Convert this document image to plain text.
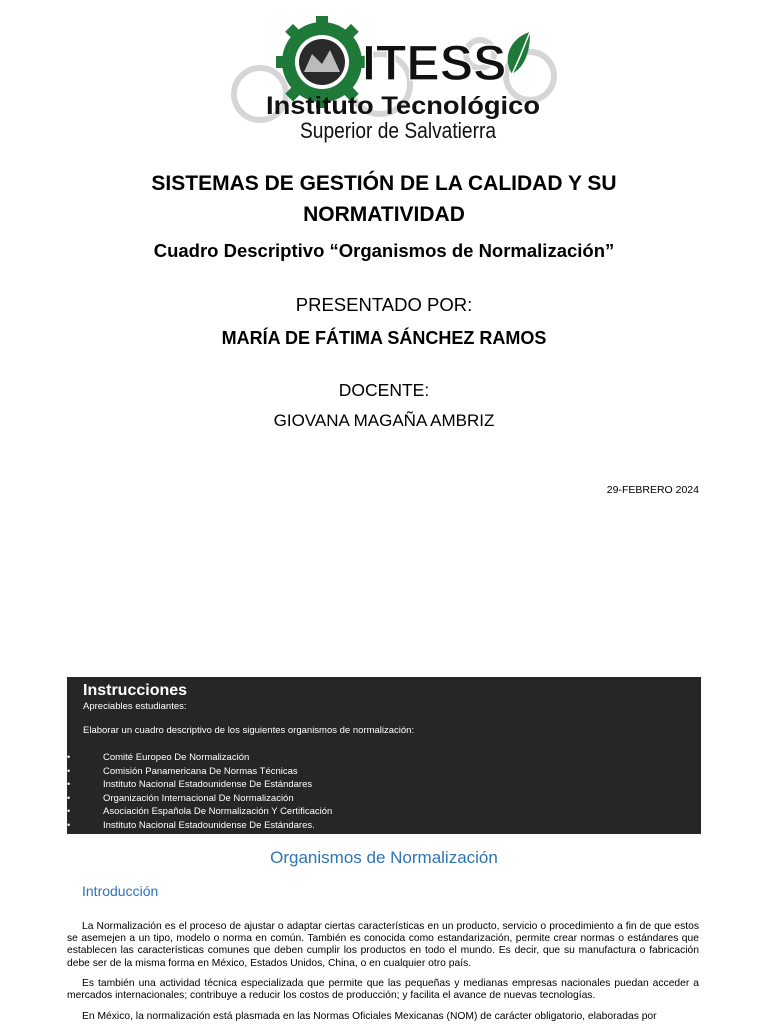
ITESS
Instituto Tecnológico
Superior de Salvatierra
SISTEMAS DE GESTIÓN DE LA CALIDAD Y SU NORMATIVIDAD
Cuadro Descriptivo “Organismos de Normalización”
PRESENTADO POR:
MARÍA DE FÁTIMA SÁNCHEZ RAMOS
DOCENTE:
GIOVANA MAGAÑA AMBRIZ
29-FEBRERO 2024
Instrucciones
Apreciables estudiantes:
Elaborar un cuadro descriptivo de los siguientes organismos de normalización:
•	Comité Europeo De Normalización
•	Comisión Panamericana De Normas Técnicas
•	Instituto Nacional Estadounidense De Estándares
•	Organización Internacional De Normalización
•	Asociación Española De Normalización Y Certificación
•	Instituto Nacional Estadounidense De Estándares.
Organismos de Normalización
Introducción

La Normalización es el proceso de ajustar o adaptar ciertas características en un producto, servicio o procedimiento a fin de que estos se asemejen a un tipo, modelo o norma en común. También es conocida como estandarización, permite crear normas o estándares que establecen las características comunes que deben cumplir los productos en todo el mundo. Es decir, que su manufactura o fabricación debe ser de la misma forma en México, Estados Unidos, China, o en cualquier otro país.

Es también una actividad técnica especializada que permite que las pequeñas y medianas empresas nacionales puedan acceder a mercados internacionales; contribuye a reducir los costos de producción; y facilita el avance de nuevas tecnologías.

En México, la normalización está plasmada en las Normas Oficiales Mexicanas (NOM) de carácter obligatorio, elaboradas por
